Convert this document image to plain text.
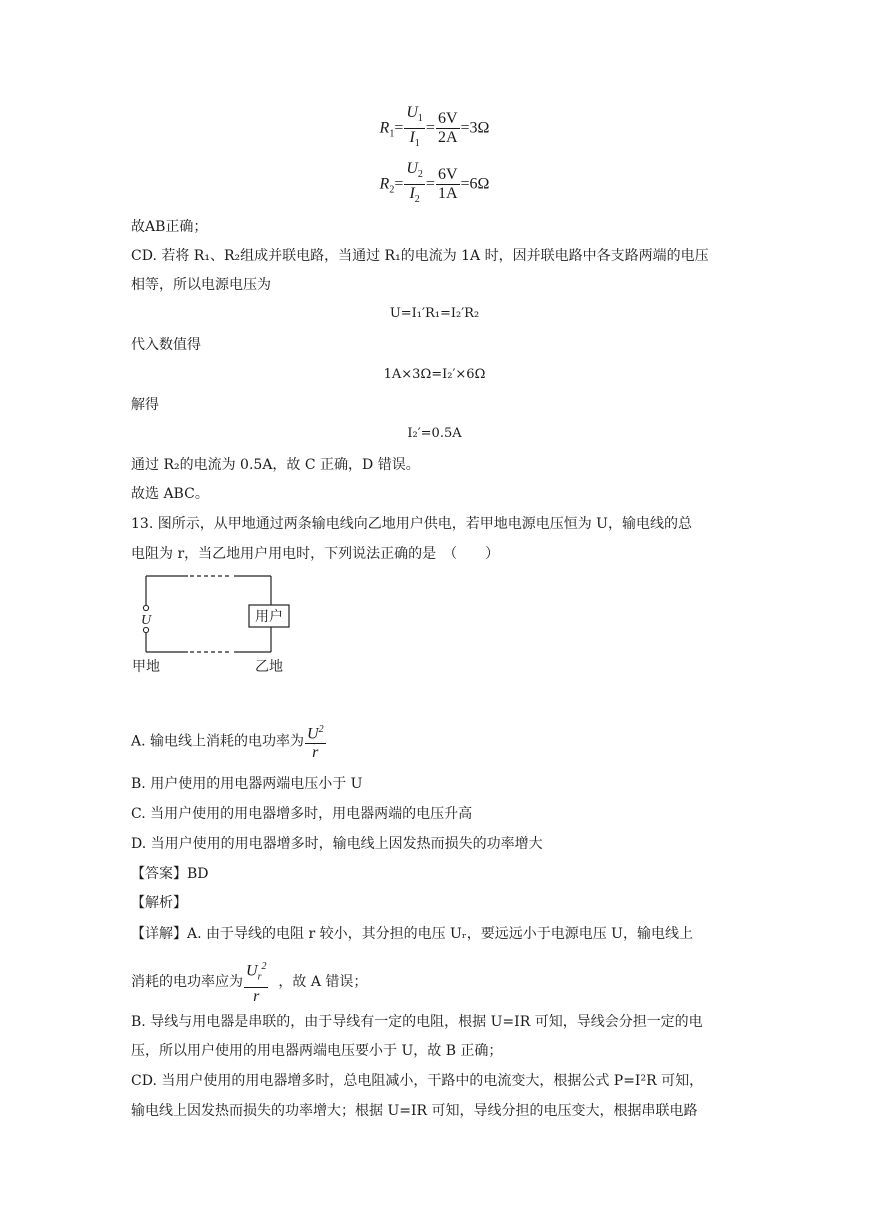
$R_1= \frac{U_1}{I_1} = \frac{6V}{2A} =3\Omega$
$R_2= \frac{U_2}{I_2} = \frac{6V}{1A} =6\Omega$
故AB正确；
CD. 若将 R₁、R₂组成并联电路，当通过 R₁的电流为 1A 时，因并联电路中各支路两端的电压
相等，所以电源电压为
U=I₁′R₁=I₂′R₂
代入数值得
1A×3Ω=I₂′×6Ω
解得
I₂′=0.5A
通过 R₂的电流为 0.5A，故 C 正确，D 错误。
故选 ABC。
13. 图所示，从甲地通过两条输电线向乙地用户供电，若甲地电源电压恒为 U，输电线的总
电阻为 r，当乙地用户用电时，下列说法正确的是　（　　）
用户
U
甲地	乙地
A. 输电线上消耗的电功率为 $\frac{U^2}{r}$
B. 用户使用的用电器两端电压小于 U
C. 当用户使用的用电器增多时，用电器两端的电压升高
D. 当用户使用的用电器增多时，输电线上因发热而损失的功率增大
【答案】BD
【解析】
【详解】A. 由于导线的电阻 r 较小，其分担的电压 Uᵣ，要远远小于电源电压 U，输电线上
消耗的电功率应为 $\frac{U_r^2}{r}$ ，故 A 错误；
B. 导线与用电器是串联的，由于导线有一定的电阻，根据 U=IR 可知，导线会分担一定的电
压，所以用户使用的用电器两端电压要小于 U，故 B 正确；
CD. 当用户使用的用电器增多时，总电阻减小，干路中的电流变大，根据公式 P=I²R 可知，
输电线上因发热而损失的功率增大；根据 U=IR 可知，导线分担的电压变大，根据串联电路
